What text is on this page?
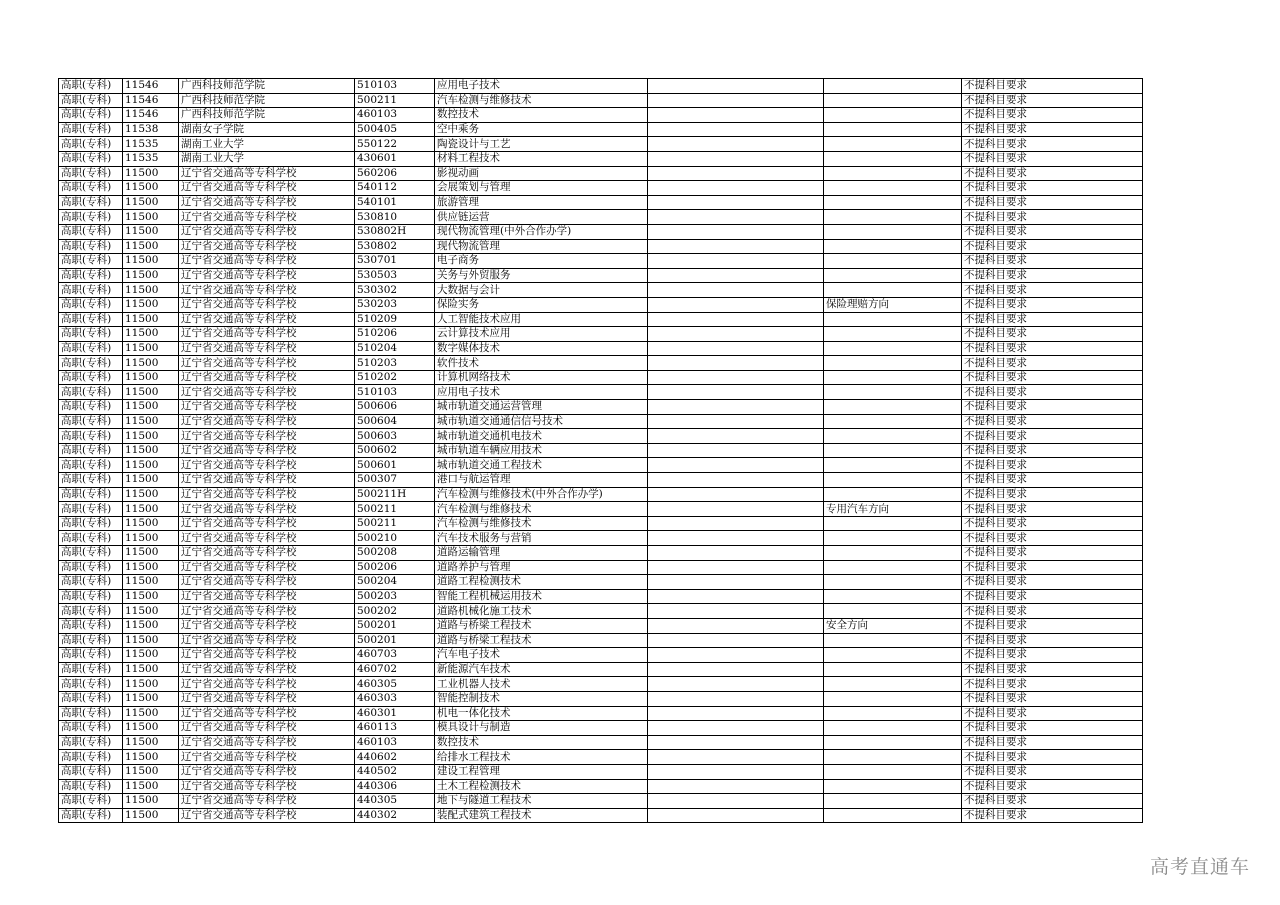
高职(专科)	11546	广西科技师范学院	510103	应用电子技术			不提科目要求
高职(专科)	11546	广西科技师范学院	500211	汽车检测与维修技术			不提科目要求
高职(专科)	11546	广西科技师范学院	460103	数控技术			不提科目要求
高职(专科)	11538	湖南女子学院	500405	空中乘务			不提科目要求
高职(专科)	11535	湖南工业大学	550122	陶瓷设计与工艺			不提科目要求
高职(专科)	11535	湖南工业大学	430601	材料工程技术			不提科目要求
高职(专科)	11500	辽宁省交通高等专科学校	560206	影视动画			不提科目要求
高职(专科)	11500	辽宁省交通高等专科学校	540112	会展策划与管理			不提科目要求
高职(专科)	11500	辽宁省交通高等专科学校	540101	旅游管理			不提科目要求
高职(专科)	11500	辽宁省交通高等专科学校	530810	供应链运营			不提科目要求
高职(专科)	11500	辽宁省交通高等专科学校	530802H	现代物流管理(中外合作办学)			不提科目要求
高职(专科)	11500	辽宁省交通高等专科学校	530802	现代物流管理			不提科目要求
高职(专科)	11500	辽宁省交通高等专科学校	530701	电子商务			不提科目要求
高职(专科)	11500	辽宁省交通高等专科学校	530503	关务与外贸服务			不提科目要求
高职(专科)	11500	辽宁省交通高等专科学校	530302	大数据与会计			不提科目要求
高职(专科)	11500	辽宁省交通高等专科学校	530203	保险实务		保险理赔方向	不提科目要求
高职(专科)	11500	辽宁省交通高等专科学校	510209	人工智能技术应用			不提科目要求
高职(专科)	11500	辽宁省交通高等专科学校	510206	云计算技术应用			不提科目要求
高职(专科)	11500	辽宁省交通高等专科学校	510204	数字媒体技术			不提科目要求
高职(专科)	11500	辽宁省交通高等专科学校	510203	软件技术			不提科目要求
高职(专科)	11500	辽宁省交通高等专科学校	510202	计算机网络技术			不提科目要求
高职(专科)	11500	辽宁省交通高等专科学校	510103	应用电子技术			不提科目要求
高职(专科)	11500	辽宁省交通高等专科学校	500606	城市轨道交通运营管理			不提科目要求
高职(专科)	11500	辽宁省交通高等专科学校	500604	城市轨道交通通信信号技术			不提科目要求
高职(专科)	11500	辽宁省交通高等专科学校	500603	城市轨道交通机电技术			不提科目要求
高职(专科)	11500	辽宁省交通高等专科学校	500602	城市轨道车辆应用技术			不提科目要求
高职(专科)	11500	辽宁省交通高等专科学校	500601	城市轨道交通工程技术			不提科目要求
高职(专科)	11500	辽宁省交通高等专科学校	500307	港口与航运管理			不提科目要求
高职(专科)	11500	辽宁省交通高等专科学校	500211H	汽车检测与维修技术(中外合作办学)			不提科目要求
高职(专科)	11500	辽宁省交通高等专科学校	500211	汽车检测与维修技术		专用汽车方向	不提科目要求
高职(专科)	11500	辽宁省交通高等专科学校	500211	汽车检测与维修技术			不提科目要求
高职(专科)	11500	辽宁省交通高等专科学校	500210	汽车技术服务与营销			不提科目要求
高职(专科)	11500	辽宁省交通高等专科学校	500208	道路运输管理			不提科目要求
高职(专科)	11500	辽宁省交通高等专科学校	500206	道路养护与管理			不提科目要求
高职(专科)	11500	辽宁省交通高等专科学校	500204	道路工程检测技术			不提科目要求
高职(专科)	11500	辽宁省交通高等专科学校	500203	智能工程机械运用技术			不提科目要求
高职(专科)	11500	辽宁省交通高等专科学校	500202	道路机械化施工技术			不提科目要求
高职(专科)	11500	辽宁省交通高等专科学校	500201	道路与桥梁工程技术		安全方向	不提科目要求
高职(专科)	11500	辽宁省交通高等专科学校	500201	道路与桥梁工程技术			不提科目要求
高职(专科)	11500	辽宁省交通高等专科学校	460703	汽车电子技术			不提科目要求
高职(专科)	11500	辽宁省交通高等专科学校	460702	新能源汽车技术			不提科目要求
高职(专科)	11500	辽宁省交通高等专科学校	460305	工业机器人技术			不提科目要求
高职(专科)	11500	辽宁省交通高等专科学校	460303	智能控制技术			不提科目要求
高职(专科)	11500	辽宁省交通高等专科学校	460301	机电一体化技术			不提科目要求
高职(专科)	11500	辽宁省交通高等专科学校	460113	模具设计与制造			不提科目要求
高职(专科)	11500	辽宁省交通高等专科学校	460103	数控技术			不提科目要求
高职(专科)	11500	辽宁省交通高等专科学校	440602	给排水工程技术			不提科目要求
高职(专科)	11500	辽宁省交通高等专科学校	440502	建设工程管理			不提科目要求
高职(专科)	11500	辽宁省交通高等专科学校	440306	土木工程检测技术			不提科目要求
高职(专科)	11500	辽宁省交通高等专科学校	440305	地下与隧道工程技术			不提科目要求
高职(专科)	11500	辽宁省交通高等专科学校	440302	装配式建筑工程技术			不提科目要求
高考直通车
